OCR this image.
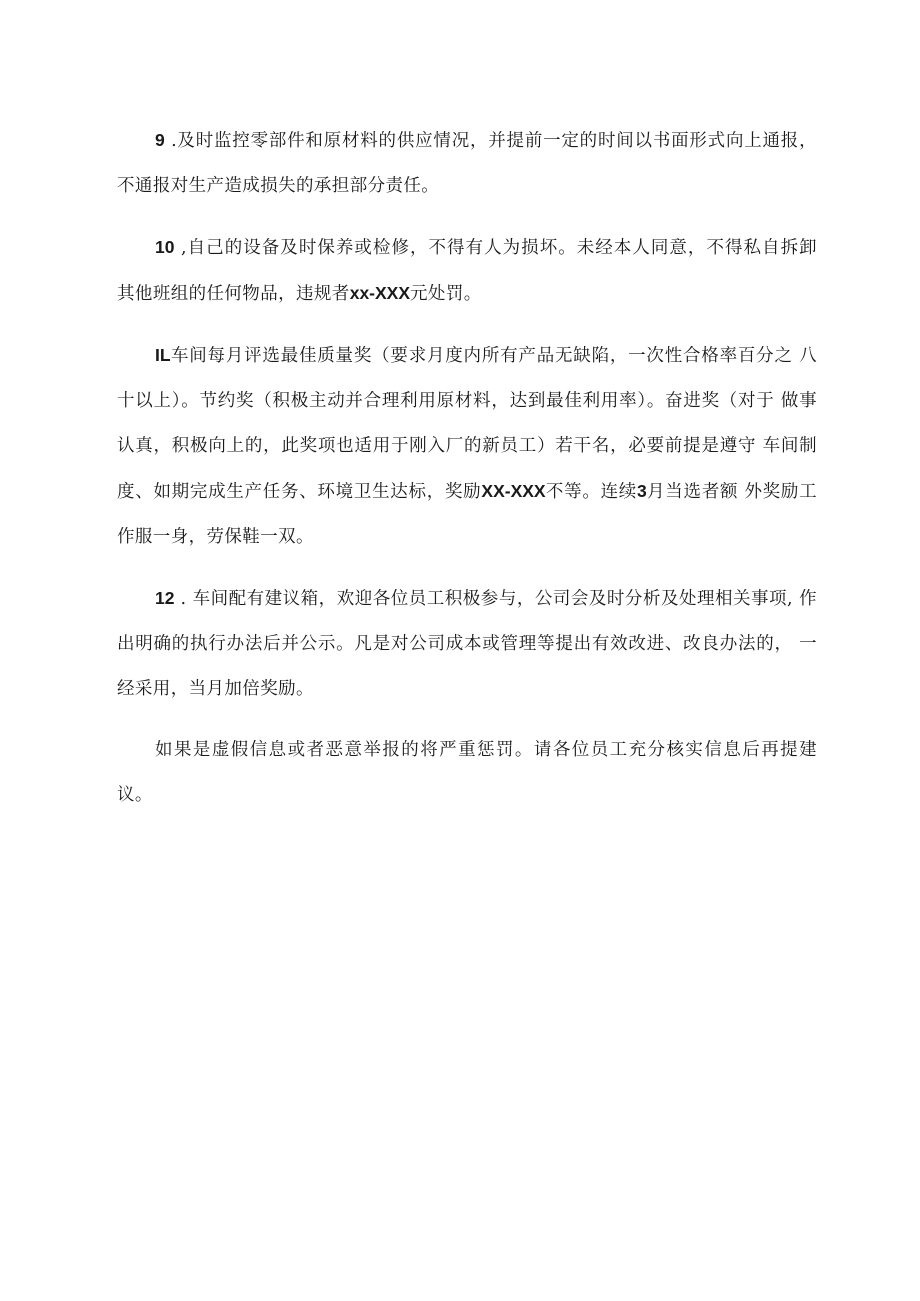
9 .及时监控零部件和原材料的供应情况，并提前一定的时间以书面形式向上通报， 不通报对生产造成损失的承担部分责任。

10 ,自己的设备及时保养或检修，不得有人为损坏。未经本人同意，不得私自拆卸 其他班组的任何物品，违规者xx-XXX元处罚。

IL车间每月评选最佳质量奖（要求月度内所有产品无缺陷，一次性合格率百分之 八十以上）。节约奖（积极主动并合理利用原材料，达到最佳利用率）。奋进奖（对于 做事认真，积极向上的，此奖项也适用于刚入厂的新员工）若干名，必要前提是遵守 车间制度、如期完成生产任务、环境卫生达标，奖励XX-XXX不等。连续3月当选者额 外奖励工作服一身，劳保鞋一双。

12 . 车间配有建议箱，欢迎各位员工积极参与，公司会及时分析及处理相关事项, 作出明确的执行办法后并公示。凡是对公司成本或管理等提出有效改进、改良办法的， 一经采用，当月加倍奖励。

如果是虚假信息或者恶意举报的将严重惩罚。请各位员工充分核实信息后再提建 议。
